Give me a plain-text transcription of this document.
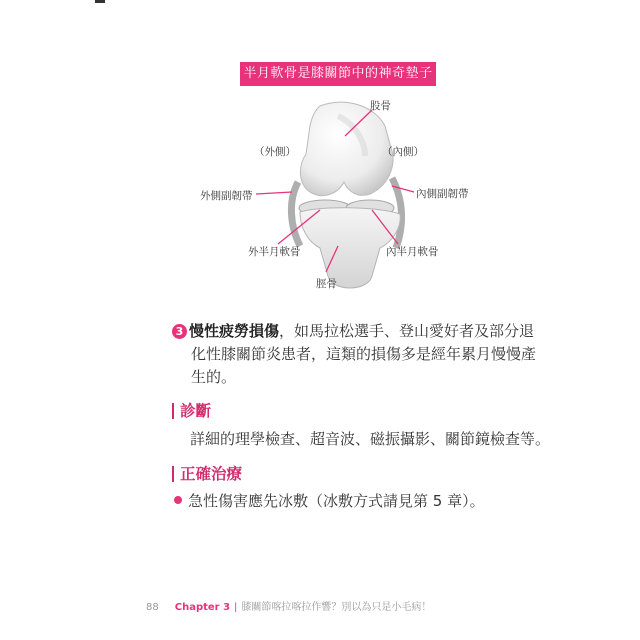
半月軟骨是膝關節中的神奇墊子
股骨
（外側）	（內側）
外側副韌帶	內側副韌帶
外半月軟骨	內半月軟骨
脛骨
3 慢性疲勞損傷，如馬拉松選手、登山愛好者及部分退
化性膝關節炎患者，這類的損傷多是經年累月慢慢產
生的。
診斷
詳細的理學檢查、超音波、磁振攝影、關節鏡檢查等。
正確治療
急性傷害應先冰敷（冰敷方式請見第 5 章）。
88 Chapter 3 | 膝關節喀拉喀拉作響？別以為只是小毛病！
